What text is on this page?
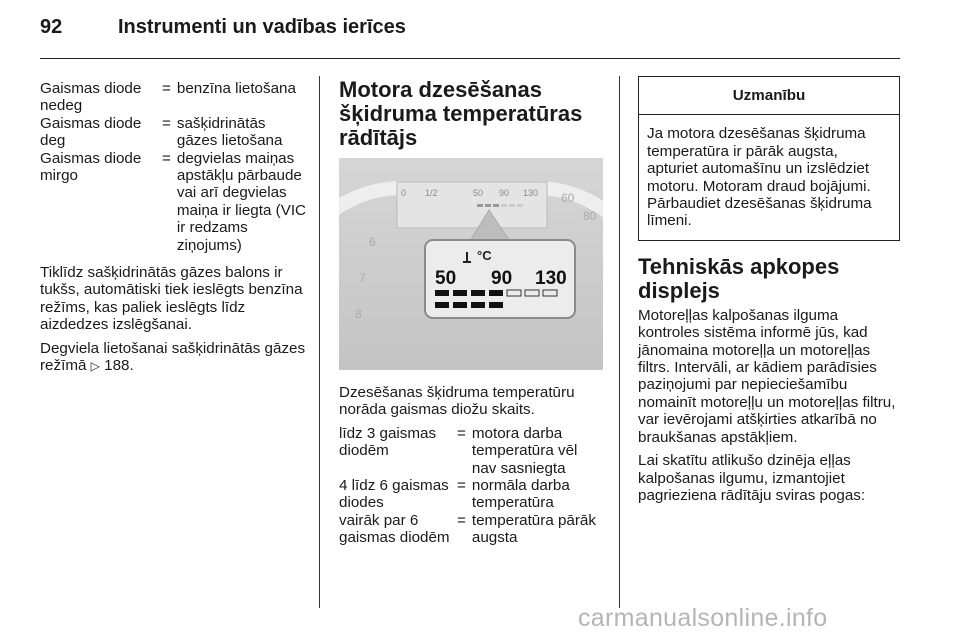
92	Instrumenti un vadības ierīces
Gaismas diode nedeg	=	benzīna lietošana
Gaismas diode deg	=	sašķidrinātās gāzes lietošana
Gaismas diode mirgo	=	degvielas maiņas apstākļu pārbaude vai arī degvielas maiņa ir liegta (VIC ir redzams ziņojums)

Tiklīdz sašķidrinātās gāzes balons ir tukšs, automātiski tiek ieslēgts benzīna režīms, kas paliek ieslēgts līdz aizdedzes izslēgšanai.

Degviela lietošanai sašķidrinātās gāzes režīmā ▷ 188.

Motora dzesēšanas šķidruma temperatūras rādītājs
6
7
8
60
80
0 1/2	50 90 130
°C
50 90 130

Dzesēšanas šķidruma temperatūru norāda gaismas diožu skaits.

līdz 3 gaismas diodēm	=	motora darba temperatūra vēl nav sasniegta
4 līdz 6 gaismas diodes	=	normāla darba temperatūra
vairāk par 6 gaismas diodēm	=	temperatūra pārāk augsta
Uzmanību
Ja motora dzesēšanas šķidruma temperatūra ir pārāk augsta, apturiet automašīnu un izslēdziet motoru. Motoram draud bojājumi. Pārbaudiet dzesēšanas šķidruma līmeni.
Tehniskās apkopes displejs

Motoreļļas kalpošanas ilguma kontroles sistēma informē jūs, kad jānomaina motoreļļa un motoreļļas filtrs. Intervāli, ar kādiem parādīsies paziņojumi par nepieciešamību nomainīt motoreļļu un motoreļļas filtru, var ievērojami atšķirties atkarībā no braukšanas apstākļiem.

Lai skatītu atlikušo dzinēja eļļas kalpošanas ilgumu, izmantojiet pagrieziena rādītāju sviras pogas:

carmanualsonline.info
